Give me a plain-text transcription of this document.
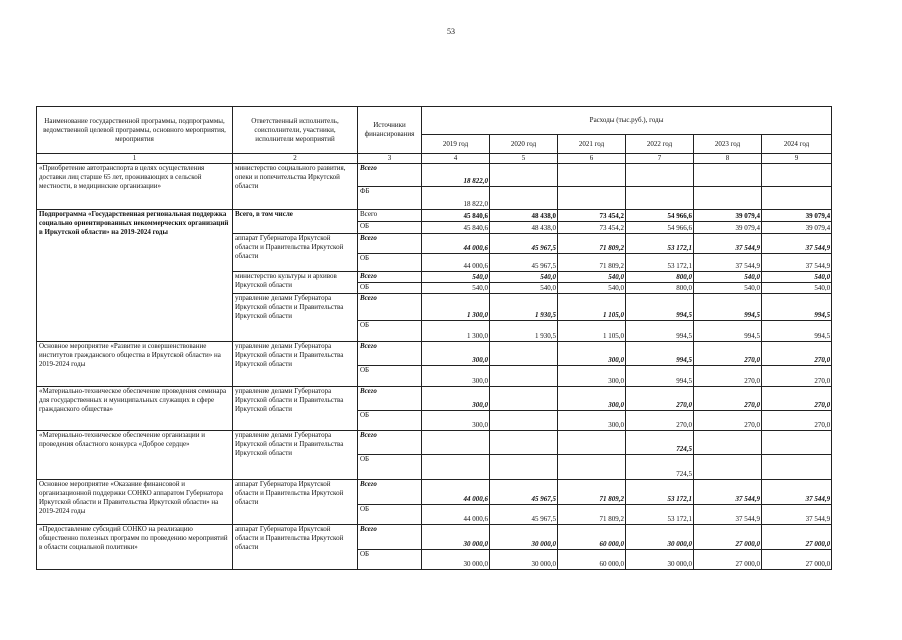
53
Наименование государственной программы, подпрограммы, ведомственной целевой программы, основного мероприятия, мероприятия	Ответственный исполнитель, соисполнители, участники, исполнители мероприятий	Источники финансирования	Расходы (тыс.руб.), годы					
			2019 год	2020 год	2021 год	2022 год	2023 год	2024 год
1	2	3	4	5	6	7	8	9
«Приобретение автотранспорта в целях осуществления доставки лиц старше 65 лет, проживающих в сельской местности, в медицинские организации»	министерство социального развития, опеки и попечительства Иркутской области	Всего	18 822,0					
		ФБ	18 822,0					
Подпрограмма «Государственная региональная поддержка социально ориентированных некоммерческих организаций в Иркутской области» на 2019-2024 годы	Всего, в том числе	Всего	45 840,6	48 438,0	73 454,2	54 966,6	39 079,4	39 079,4
		ОБ	45 840,6	48 438,0	73 454,2	54 966,6	39 079,4	39 079,4
	аппарат Губернатора Иркутской области и Правительства Иркутской области	Всего	44 000,6	45 967,5	71 809,2	53 172,1	37 544,9	37 544,9
		ОБ	44 000,6	45 967,5	71 809,2	53 172,1	37 544,9	37 544,9
	министерство культуры и архивов Иркутской области	Всего	540,0	540,0	540,0	800,0	540,0	540,0
		ОБ	540,0	540,0	540,0	800,0	540,0	540,0
	управление делами Губернатора Иркутской области и Правительства Иркутской области	Всего	1 300,0	1 930,5	1 105,0	994,5	994,5	994,5
		ОБ	1 300,0	1 930,5	1 105,0	994,5	994,5	994,5
Основное мероприятие «Развитие и совершенствование институтов гражданского общества в Иркутской области» на 2019-2024 годы	управление делами Губернатора Иркутской области и Правительства Иркутской области	Всего	300,0		300,0	994,5	270,0	270,0
		ОБ	300,0		300,0	994,5	270,0	270,0
«Материально-техническое обеспечение проведения семинара для государственных и муниципальных служащих в сфере гражданского общества»	управление делами Губернатора Иркутской области и Правительства Иркутской области	Всего	300,0		300,0	270,0	270,0	270,0
		ОБ	300,0		300,0	270,0	270,0	270,0
«Материально-техническое обеспечение организации и проведения областного конкурса «Доброе сердце»	управление делами Губернатора Иркутской области и Правительства Иркутской области	Всего				724,5		
		ОБ				724,5		
Основное мероприятие «Оказание финансовой и организационной поддержки СОНКО аппаратом Губернатора Иркутской области и Правительства Иркутской области» на 2019-2024 годы	аппарат Губернатора Иркутской области и Правительства Иркутской области	Всего	44 000,6	45 967,5	71 809,2	53 172,1	37 544,9	37 544,9
		ОБ	44 000,6	45 967,5	71 809,2	53 172,1	37 544,9	37 544,9
«Предоставление субсидий СОНКО на реализацию общественно полезных программ по проведению мероприятий в области социальной политики»	аппарат Губернатора Иркутской области и Правительства Иркутской области	Всего	30 000,0	30 000,0	60 000,0	30 000,0	27 000,0	27 000,0
		ОБ	30 000,0	30 000,0	60 000,0	30 000,0	27 000,0	27 000,0
